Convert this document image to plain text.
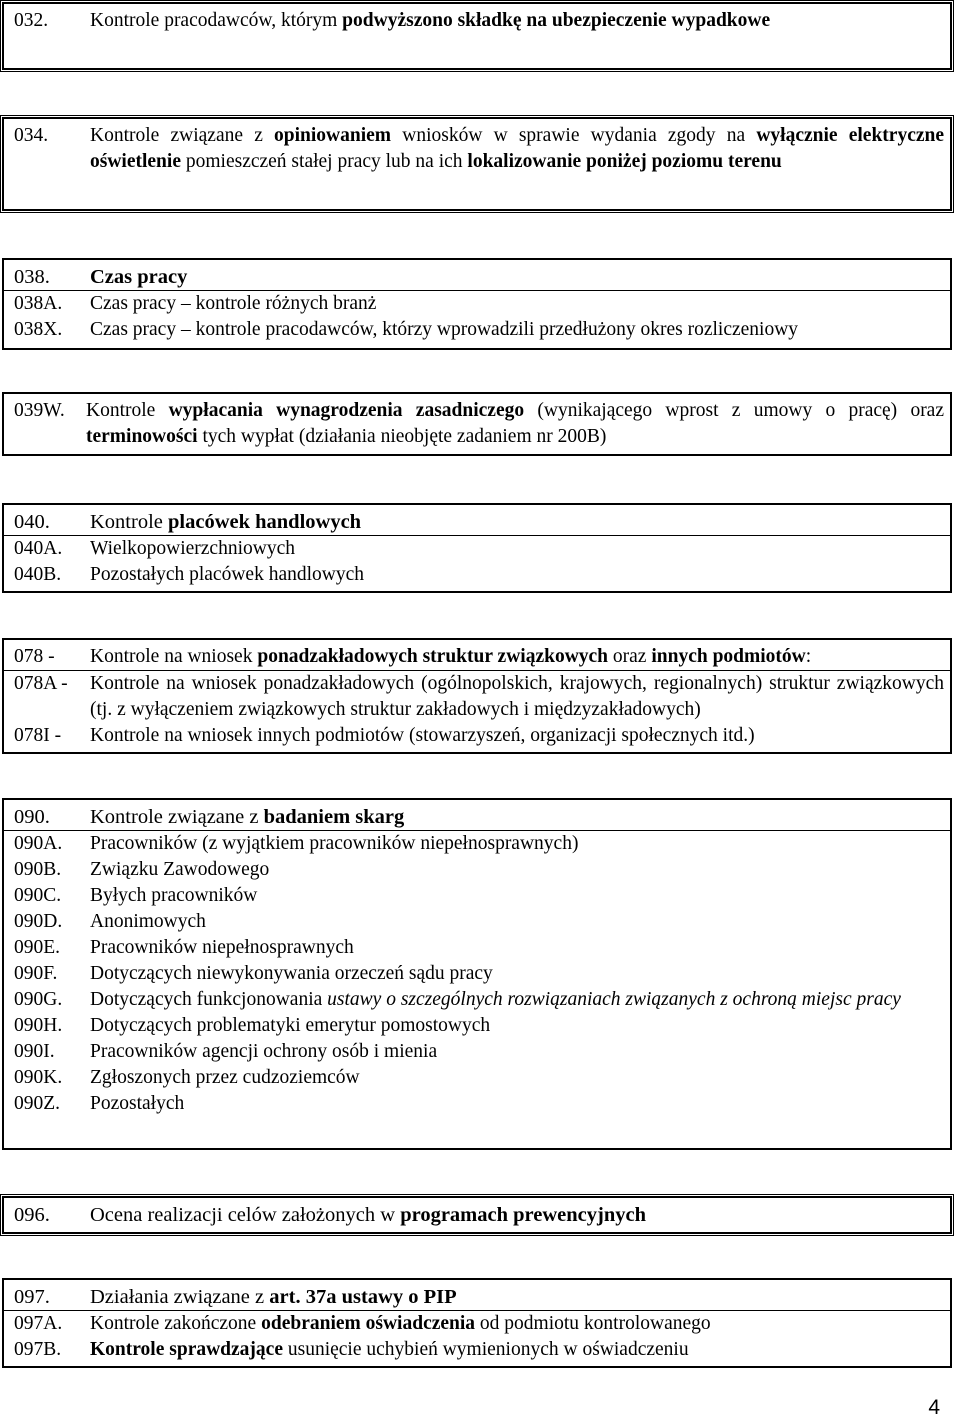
032.	Kontrole pracodawców, którym podwyższono składkę na ubezpieczenie wypadkowe
034.	Kontrole związane z opiniowaniem wniosków w sprawie wydania zgody na wyłącznie elektryczne oświetlenie pomieszczeń stałej pracy lub na ich lokalizowanie poniżej poziomu terenu
038.	Czas pracy
038A.	Czas pracy – kontrole różnych branż
038X.	Czas pracy – kontrole pracodawców, którzy wprowadzili przedłużony okres rozliczeniowy
039W.	Kontrole wypłacania wynagrodzenia zasadniczego (wynikającego wprost z umowy o pracę) oraz terminowości tych wypłat (działania nieobjęte zadaniem nr 200B)
040.	Kontrole placówek handlowych
040A.	Wielkopowierzchniowych
040B.	Pozostałych placówek handlowych
078 -	Kontrole na wniosek ponadzakładowych struktur związkowych oraz innych podmiotów:
078A -	Kontrole na wniosek ponadzakładowych (ogólnopolskich, krajowych, regionalnych) struktur związkowych (tj. z wyłączeniem związkowych struktur zakładowych i międzyzakładowych)
078I -	Kontrole na wniosek innych podmiotów (stowarzyszeń, organizacji społecznych itd.)
090.	Kontrole związane z badaniem skarg
090A.	Pracowników (z wyjątkiem pracowników niepełnosprawnych)
090B.	Związku Zawodowego
090C.	Byłych pracowników
090D.	Anonimowych
090E.	Pracowników niepełnosprawnych
090F.	Dotyczących niewykonywania orzeczeń sądu pracy
090G.	Dotyczących funkcjonowania ustawy o szczególnych rozwiązaniach związanych z ochroną miejsc pracy
090H.	Dotyczących problematyki emerytur pomostowych
090I.	Pracowników agencji ochrony osób i mienia
090K.	Zgłoszonych przez cudzoziemców
090Z.	Pozostałych
096.	Ocena realizacji celów założonych w programach prewencyjnych
097.	Działania związane z art. 37a ustawy o PIP
097A.	Kontrole zakończone odebraniem oświadczenia od podmiotu kontrolowanego
097B.	Kontrole sprawdzające usunięcie uchybień wymienionych w oświadczeniu
4
